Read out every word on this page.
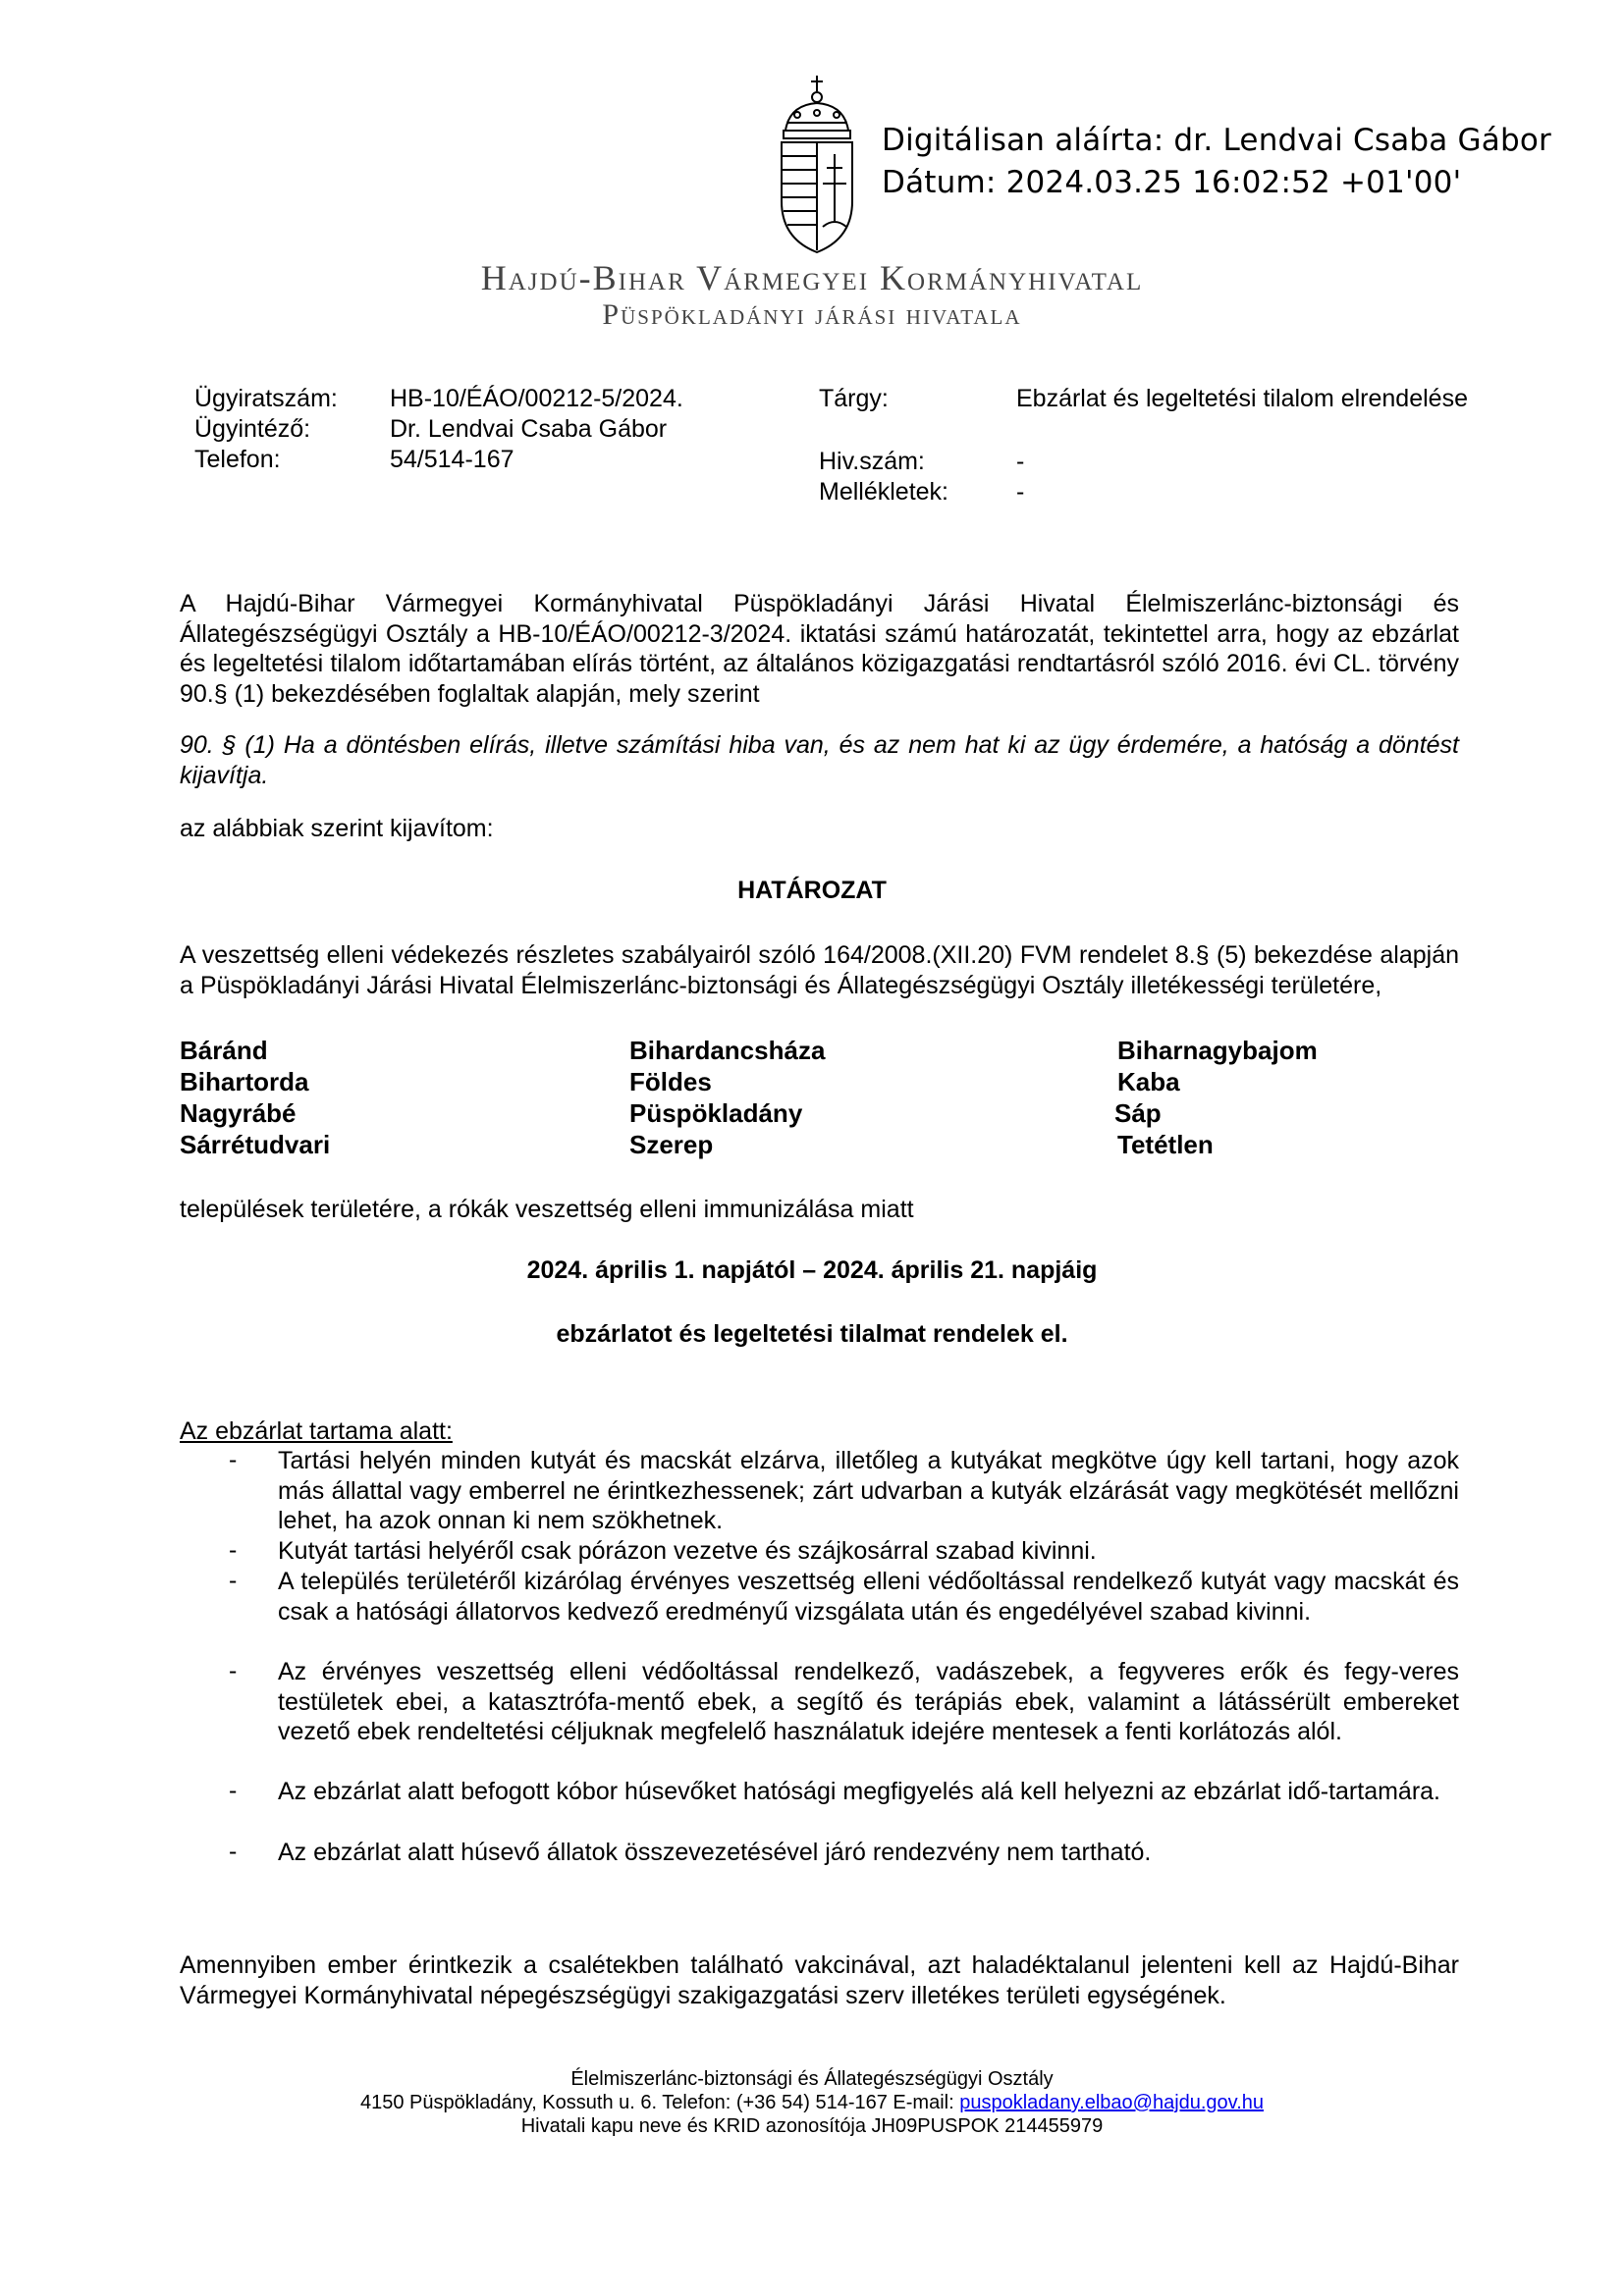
Digitálisan aláírta: dr. Lendvai Csaba Gábor
Dátum: 2024.03.25 16:02:52 +01'00'
Hajdú-Bihar Vármegyei Kormányhivatal
Püspökladányi járási hivatala
Ügyiratszám: HB-10/ÉÁO/00212-5/2024.
Ügyintéző:	Dr. Lendvai Csaba Gábor
Telefon:	54/514-167
Tárgy:	Ebzárlat és legeltetési tilalom elrendelése
Hiv.szám:	-
Mellékletek:	-
A Hajdú-Bihar Vármegyei Kormányhivatal Püspökladányi Járási Hivatal Élelmiszerlánc-biztonsági és Állategészségügyi Osztály a HB-10/ÉÁO/00212-3/2024. iktatási számú határozatát, tekintettel arra, hogy az ebzárlat és legeltetési tilalom időtartamában elírás történt, az általános közigazgatási rendtartásról szóló 2016. évi CL. törvény 90.§ (1) bekezdésében foglaltak alapján, mely szerint
90. § (1) Ha a döntésben elírás, illetve számítási hiba van, és az nem hat ki az ügy érdemére, a hatóság a döntést kijavítja.
az alábbiak szerint kijavítom:
HATÁROZAT
A veszettség elleni védekezés részletes szabályairól szóló 164/2008.(XII.20) FVM rendelet 8.§ (5) bekezdése alapján a Püspökladányi Járási Hivatal Élelmiszerlánc-biztonsági és Állategészségügyi Osztály illetékességi területére,
Báránd	Bihardancsháza	Biharnagybajom
Bihartorda	Földes	Kaba
Nagyrábé	Püspökladány	Sáp
Sárrétudvari	Szerep	Tetétlen
települések területére, a rókák veszettség elleni immunizálása miatt
2024. április 1. napjától – 2024. április 21. napjáig
ebzárlatot és legeltetési tilalmat rendelek el.
Az ebzárlat tartama alatt:
- Tartási helyén minden kutyát és macskát elzárva, illetőleg a kutyákat megkötve úgy kell tartani, hogy azok más állattal vagy emberrel ne érintkezhessenek; zárt udvarban a kutyák elzárását vagy megkötését mellőzni lehet, ha azok onnan ki nem szökhetnek.
- Kutyát tartási helyéről csak pórázon vezetve és szájkosárral szabad kivinni.
- A település területéről kizárólag érvényes veszettség elleni védőoltással rendelkező kutyát vagy macskát és csak a hatósági állatorvos kedvező eredményű vizsgálata után és engedélyével szabad kivinni.
- Az érvényes veszettség elleni védőoltással rendelkező, vadászebek, a fegyveres erők és fegy-veres testületek ebei, a katasztrófa-mentő ebek, a segítő és terápiás ebek, valamint a látássérült embereket vezető ebek rendeltetési céljuknak megfelelő használatuk idejére mentesek a fenti korlátozás alól.
- Az ebzárlat alatt befogott kóbor húsevőket hatósági megfigyelés alá kell helyezni az ebzárlat idő-tartamára.
- Az ebzárlat alatt húsevő állatok összevezetésével járó rendezvény nem tartható.
Amennyiben ember érintkezik a csalétekben található vakcinával, azt haladéktalanul jelenteni kell az Hajdú-Bihar Vármegyei Kormányhivatal népegészségügyi szakigazgatási szerv illetékes területi egységének.
Élelmiszerlánc-biztonsági és Állategészségügyi Osztály
4150 Püspökladány, Kossuth u. 6. Telefon: (+36 54) 514-167 E-mail: puspokladany.elbao@hajdu.gov.hu
Hivatali kapu neve és KRID azonosítója JH09PUSPOK 214455979
